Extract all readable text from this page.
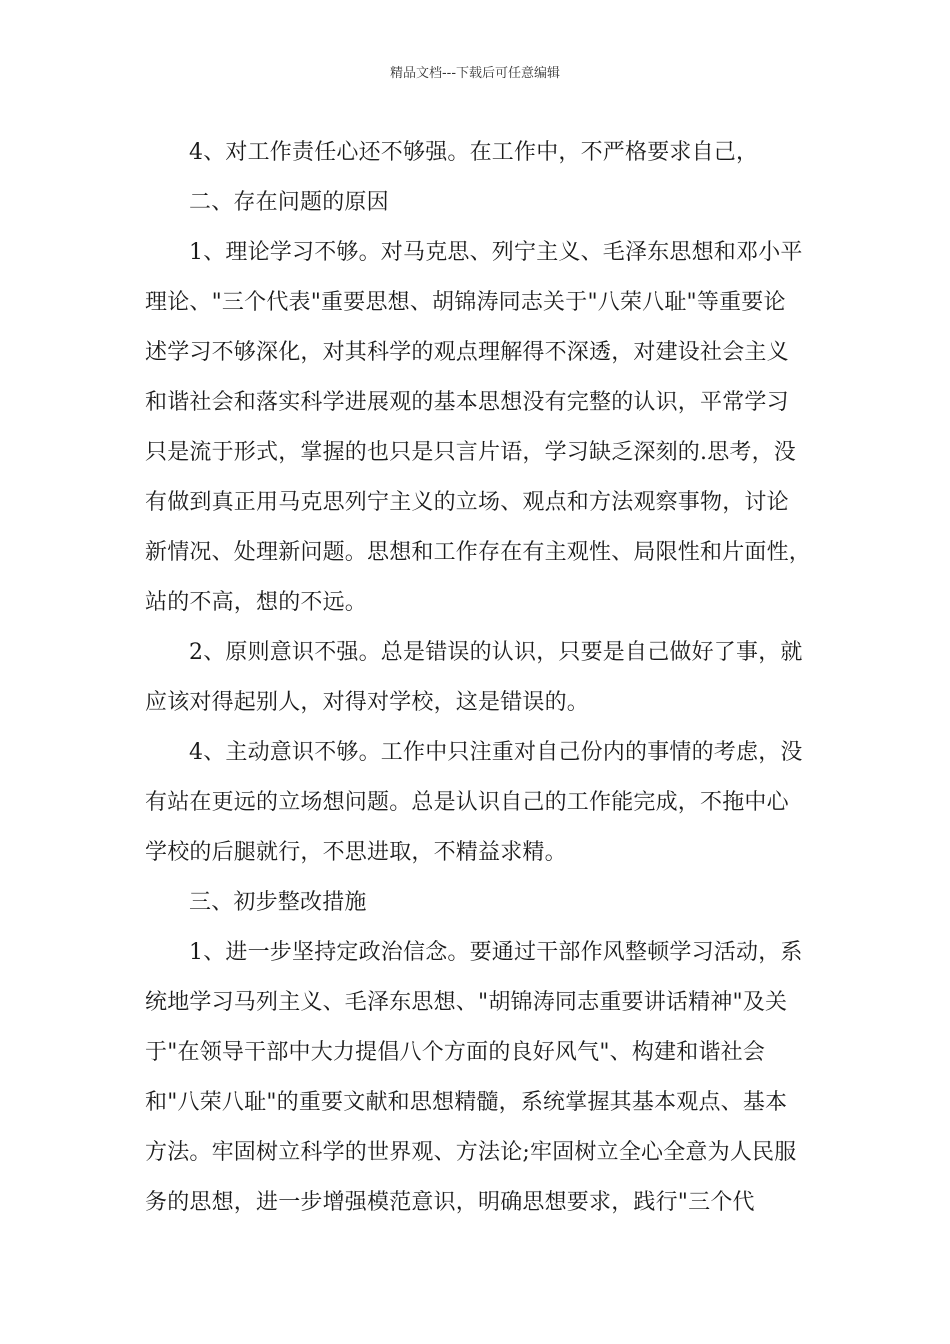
精品文档---下载后可任意编辑
4、对工作责任心还不够强。在工作中，不严格要求自己，
二、存在问题的原因
1、理论学习不够。对马克思、列宁主义、毛泽东思想和邓小平
理论、"三个代表"重要思想、胡锦涛同志关于"八荣八耻"等重要论
述学习不够深化，对其科学的观点理解得不深透，对建设社会主义
和谐社会和落实科学进展观的基本思想没有完整的认识，平常学习
只是流于形式，掌握的也只是只言片语，学习缺乏深刻的.思考，没
有做到真正用马克思列宁主义的立场、观点和方法观察事物，讨论
新情况、处理新问题。思想和工作存在有主观性、局限性和片面性，
站的不高，想的不远。
2、原则意识不强。总是错误的认识，只要是自己做好了事，就
应该对得起别人，对得对学校，这是错误的。
4、主动意识不够。工作中只注重对自己份内的事情的考虑，没
有站在更远的立场想问题。总是认识自己的工作能完成，不拖中心
学校的后腿就行，不思进取，不精益求精。
三、初步整改措施
1、进一步坚持定政治信念。要通过干部作风整顿学习活动，系
统地学习马列主义、毛泽东思想、"胡锦涛同志重要讲话精神"及关
于"在领导干部中大力提倡八个方面的良好风气"、构建和谐社会
和"八荣八耻"的重要文献和思想精髓，系统掌握其基本观点、基本
方法。牢固树立科学的世界观、方法论;牢固树立全心全意为人民服
务的思想，进一步增强模范意识，明确思想要求，践行"三个代
